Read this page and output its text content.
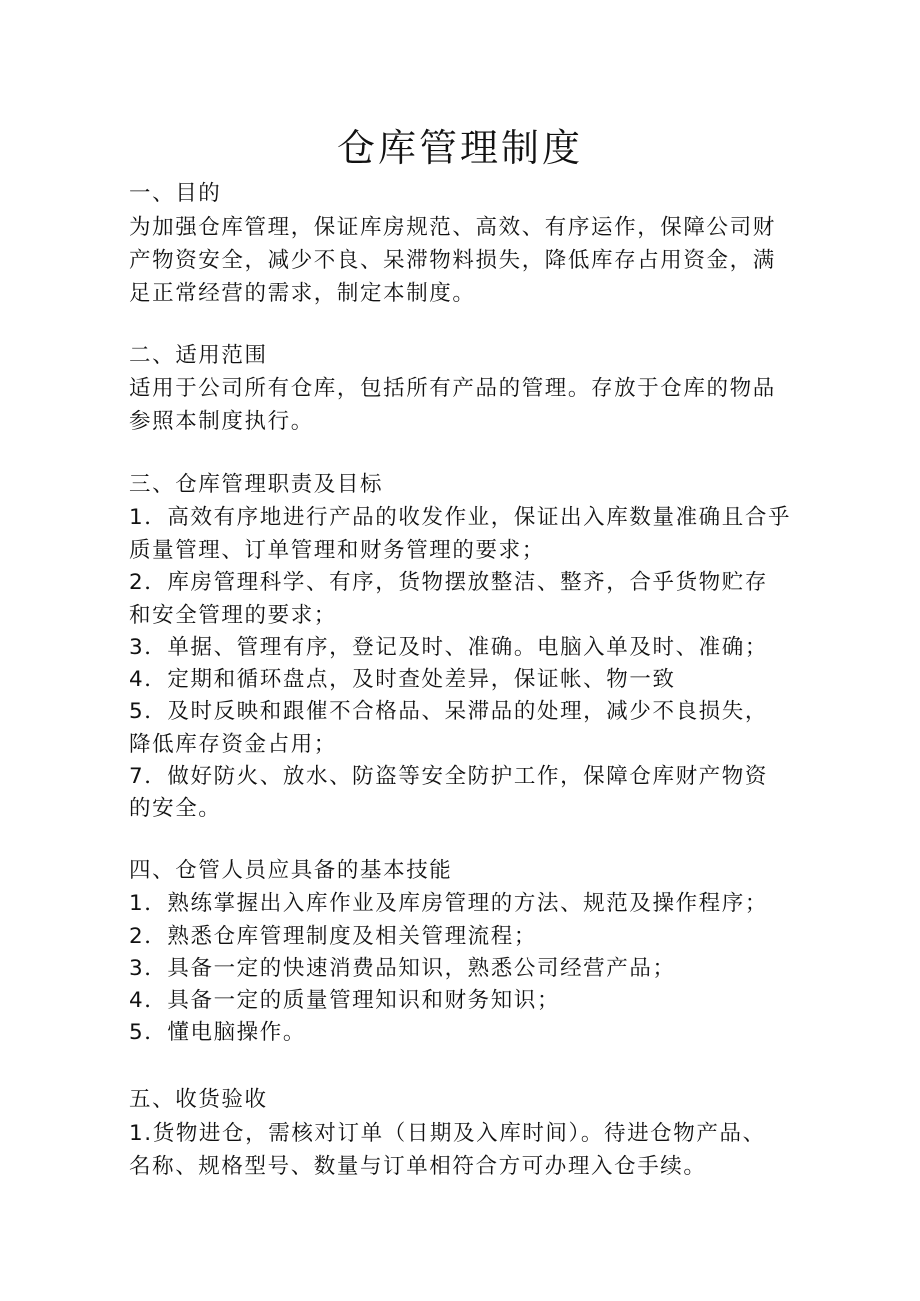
仓库管理制度
一、目的
为加强仓库管理，保证库房规范、高效、有序运作，保障公司财
产物资安全，减少不良、呆滞物料损失，降低库存占用资金，满
足正常经营的需求，制定本制度。
二、适用范围
适用于公司所有仓库，包括所有产品的管理。存放于仓库的物品
参照本制度执行。
三、仓库管理职责及目标
1．高效有序地进行产品的收发作业，保证出入库数量准确且合乎
质量管理、订单管理和财务管理的要求；
2．库房管理科学、有序，货物摆放整洁、整齐，合乎货物贮存
和安全管理的要求；
3．单据、管理有序，登记及时、准确。电脑入单及时、准确；
4．定期和循环盘点，及时查处差异，保证帐、物一致
5．及时反映和跟催不合格品、呆滞品的处理，减少不良损失，
降低库存资金占用；
7．做好防火、放水、防盗等安全防护工作，保障仓库财产物资
的安全。
四、仓管人员应具备的基本技能
1．熟练掌握出入库作业及库房管理的方法、规范及操作程序；
2．熟悉仓库管理制度及相关管理流程；
3．具备一定的快速消费品知识，熟悉公司经营产品；
4．具备一定的质量管理知识和财务知识；
5．懂电脑操作。
五、收货验收
1.货物进仓，需核对订单（日期及入库时间）。待进仓物产品、
名称、规格型号、数量与订单相符合方可办理入仓手续。
